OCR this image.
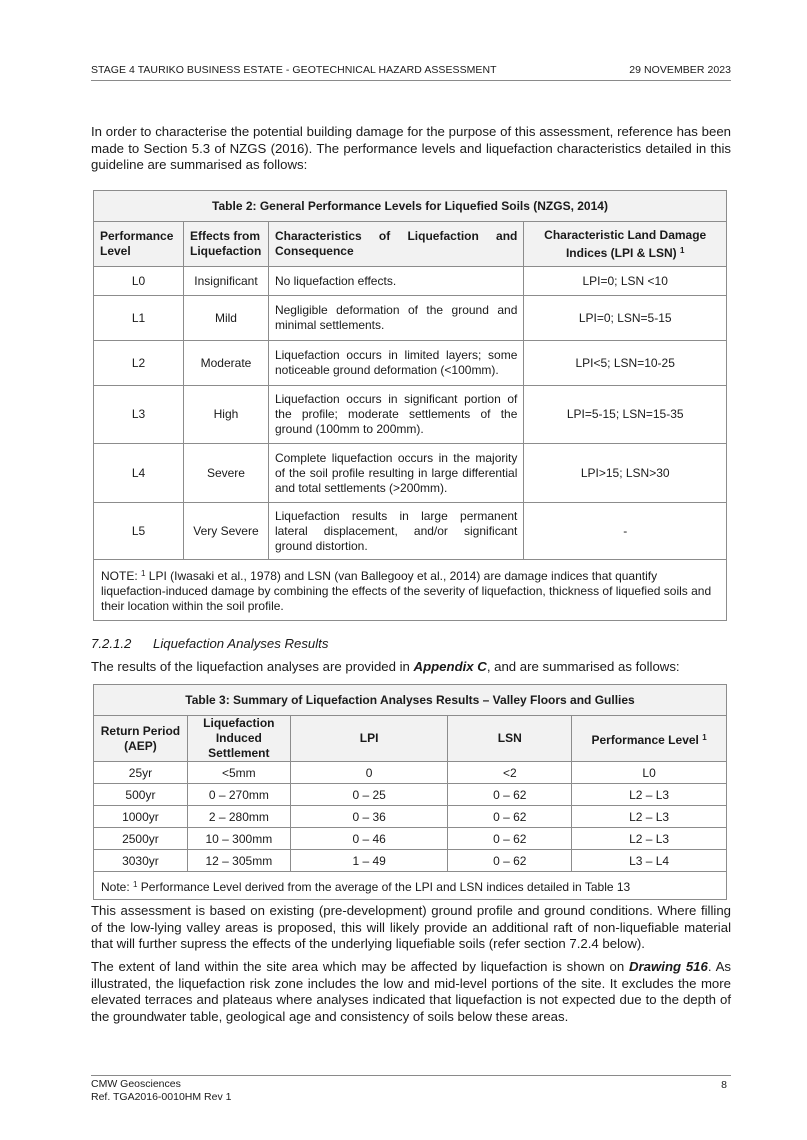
STAGE 4 TAURIKO BUSINESS ESTATE - GEOTECHNICAL HAZARD ASSESSMENT	29 NOVEMBER 2023

In order to characterise the potential building damage for the purpose of this assessment, reference has been made to Section 5.3 of NZGS (2016). The performance levels and liquefaction characteristics detailed in this guideline are summarised as follows:

Table 2: General Performance Levels for Liquefied Soils (NZGS, 2014)			
Performance Level	Effects from Liquefaction	Characteristics of Liquefaction and Consequence	Characteristic Land Damage Indices (LPI & LSN) $^1$
L0	Insignificant	No liquefaction effects.	LPI=0; LSN <10
L1	Mild	Negligible deformation of the ground and minimal settlements.	LPI=0; LSN=5-15
L2	Moderate	Liquefaction occurs in limited layers; some noticeable ground deformation (<100mm).	LPI<5; LSN=10-25
L3	High	Liquefaction occurs in significant portion of the profile; moderate settlements of the ground (100mm to 200mm).	LPI=5-15; LSN=15-35
L4	Severe	Complete liquefaction occurs in the majority of the soil profile resulting in large differential and total settlements (>200mm).	LPI>15; LSN>30
L5	Very Severe	Liquefaction results in large permanent lateral displacement, and/or significant ground distortion.	-
NOTE: $^1$ LPI (Iwasaki et al., 1978) and LSN (van Ballegooy et al., 2014) are damage indices that quantify liquefaction-induced damage by combining the effects of the severity of liquefaction, thickness of liquefied soils and their location within the soil profile.			
7.2.1.2 Liquefaction Analyses Results

The results of the liquefaction analyses are provided in Appendix C, and are summarised as follows:

Table 3: Summary of Liquefaction Analyses Results – Valley Floors and Gullies				
Return Period (AEP)	Liquefaction Induced Settlement	LPI	LSN	Performance Level $^1$
25yr	<5mm	0	<2	L0
500yr	0 – 270mm	0 – 25	0 – 62	L2 – L3
1000yr	2 – 280mm	0 – 36	0 – 62	L2 – L3
2500yr	10 – 300mm	0 – 46	0 – 62	L2 – L3
3030yr	12 – 305mm	1 – 49	0 – 62	L3 – L4
Note: $^1$ Performance Level derived from the average of the LPI and LSN indices detailed in Table 13				

This assessment is based on existing (pre-development) ground profile and ground conditions. Where filling of the low-lying valley areas is proposed, this will likely provide an additional raft of non-liquefiable material that will further supress the effects of the underlying liquefiable soils (refer section 7.2.4 below).

The extent of land within the site area which may be affected by liquefaction is shown on Drawing 516. As illustrated, the liquefaction risk zone includes the low and mid-level portions of the site. It excludes the more elevated terraces and plateaus where analyses indicated that liquefaction is not expected due to the depth of the groundwater table, geological age and consistency of soils below these areas.

CMW Geosciences
Ref. TGA2016-0010HM Rev 1
8
